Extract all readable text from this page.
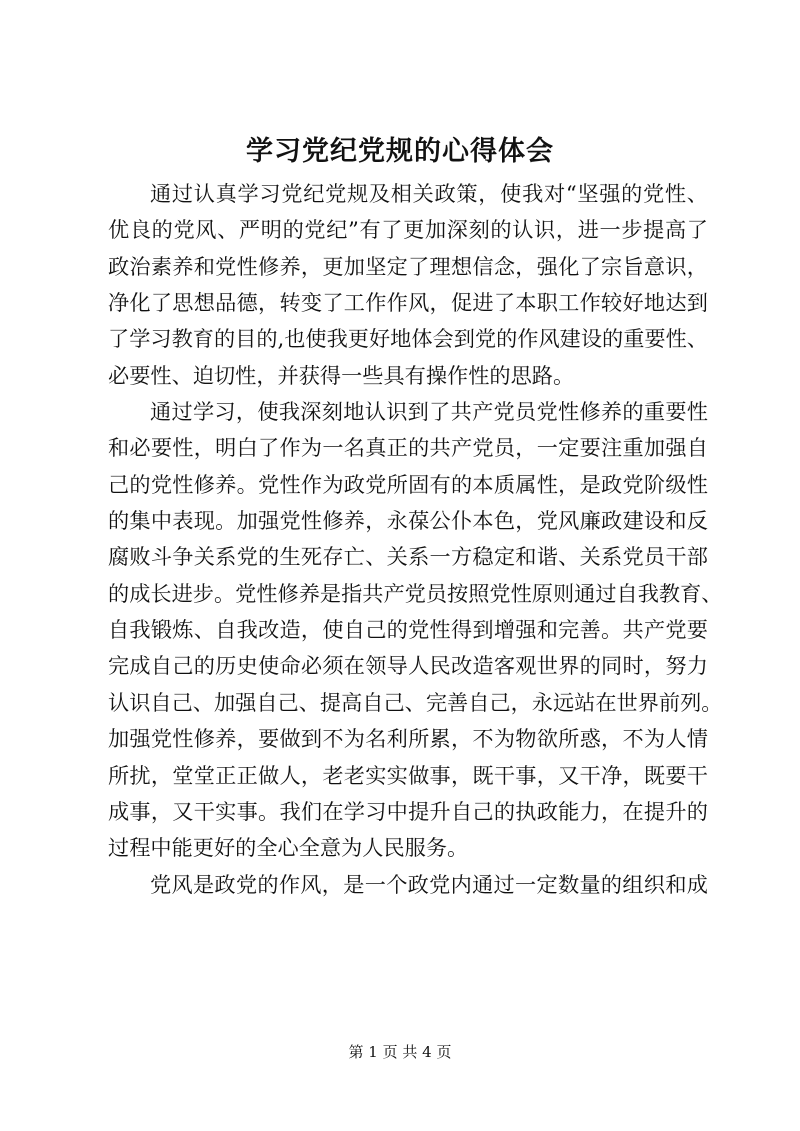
学习党纪党规的心得体会
通过认真学习党纪党规及相关政策，使我对“坚强的党性、
优良的党风、严明的党纪”有了更加深刻的认识，进一步提高了
政治素养和党性修养，更加坚定了理想信念，强化了宗旨意识，
净化了思想品德，转变了工作作风，促进了本职工作较好地达到
了学习教育的目的,也使我更好地体会到党的作风建设的重要性、
必要性、迫切性，并获得一些具有操作性的思路。
通过学习，使我深刻地认识到了共产党员党性修养的重要性
和必要性，明白了作为一名真正的共产党员，一定要注重加强自
己的党性修养。党性作为政党所固有的本质属性，是政党阶级性
的集中表现。加强党性修养，永葆公仆本色，党风廉政建设和反
腐败斗争关系党的生死存亡、关系一方稳定和谐、关系党员干部
的成长进步。党性修养是指共产党员按照党性原则通过自我教育、
自我锻炼、自我改造，使自己的党性得到增强和完善。共产党要
完成自己的历史使命必须在领导人民改造客观世界的同时，努力
认识自己、加强自己、提高自己、完善自己，永远站在世界前列。
加强党性修养，要做到不为名利所累，不为物欲所惑，不为人情
所扰，堂堂正正做人，老老实实做事，既干事，又干净，既要干
成事，又干实事。我们在学习中提升自己的执政能力，在提升的
过程中能更好的全心全意为人民服务。
党风是政党的作风，是一个政党内通过一定数量的组织和成
第 1 页 共 4 页
